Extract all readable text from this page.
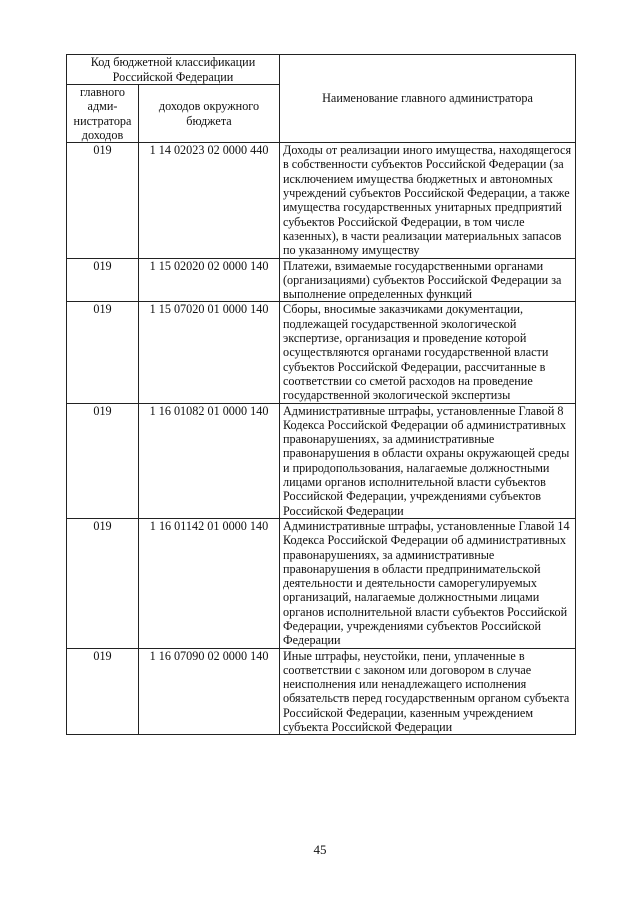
Код бюджетной классификации Российской Федерации		Наименование главного администратора
главного адми-нистратора доходов	доходов окружного бюджета	
019	1 14 02023 02 0000 440	Доходы от реализации иного имущества, находящегося в собственности субъектов Российской Федерации (за исключением имущества бюджетных и автономных учреждений субъектов Российской Федерации, а также имущества государственных унитарных предприятий субъектов Российской Федерации, в том числе казенных), в части реализации материальных запасов по указанному имуществу
019	1 15 02020 02 0000 140	Платежи, взимаемые государственными органами (организациями) субъектов Российской Федерации за выполнение определенных функций
019	1 15 07020 01 0000 140	Сборы, вносимые заказчиками документации, подлежащей государственной экологической экспертизе, организация и проведение которой осуществляются органами государственной власти субъектов Российской Федерации, рассчитанные в соответствии со сметой расходов на проведение государственной экологической экспертизы
019	1 16 01082 01 0000 140	Административные штрафы, установленные Главой 8 Кодекса Российской Федерации об административных правонарушениях, за административные правонарушения в области охраны окружающей среды и природопользования, налагаемые должностными лицами органов исполнительной власти субъектов Российской Федерации, учреждениями субъектов Российской Федерации
019	1 16 01142 01 0000 140	Административные штрафы, установленные Главой 14 Кодекса Российской Федерации об административных правонарушениях, за административные правонарушения в области предпринимательской деятельности и деятельности саморегулируемых организаций, налагаемые должностными лицами органов исполнительной власти субъектов Российской Федерации, учреждениями субъектов Российской Федерации
019	1 16 07090 02 0000 140	Иные штрафы, неустойки, пени, уплаченные в соответствии с законом или договором в случае неисполнения или ненадлежащего исполнения обязательств перед государственным органом субъекта Российской Федерации, казенным учреждением субъекта Российской Федерации
45
